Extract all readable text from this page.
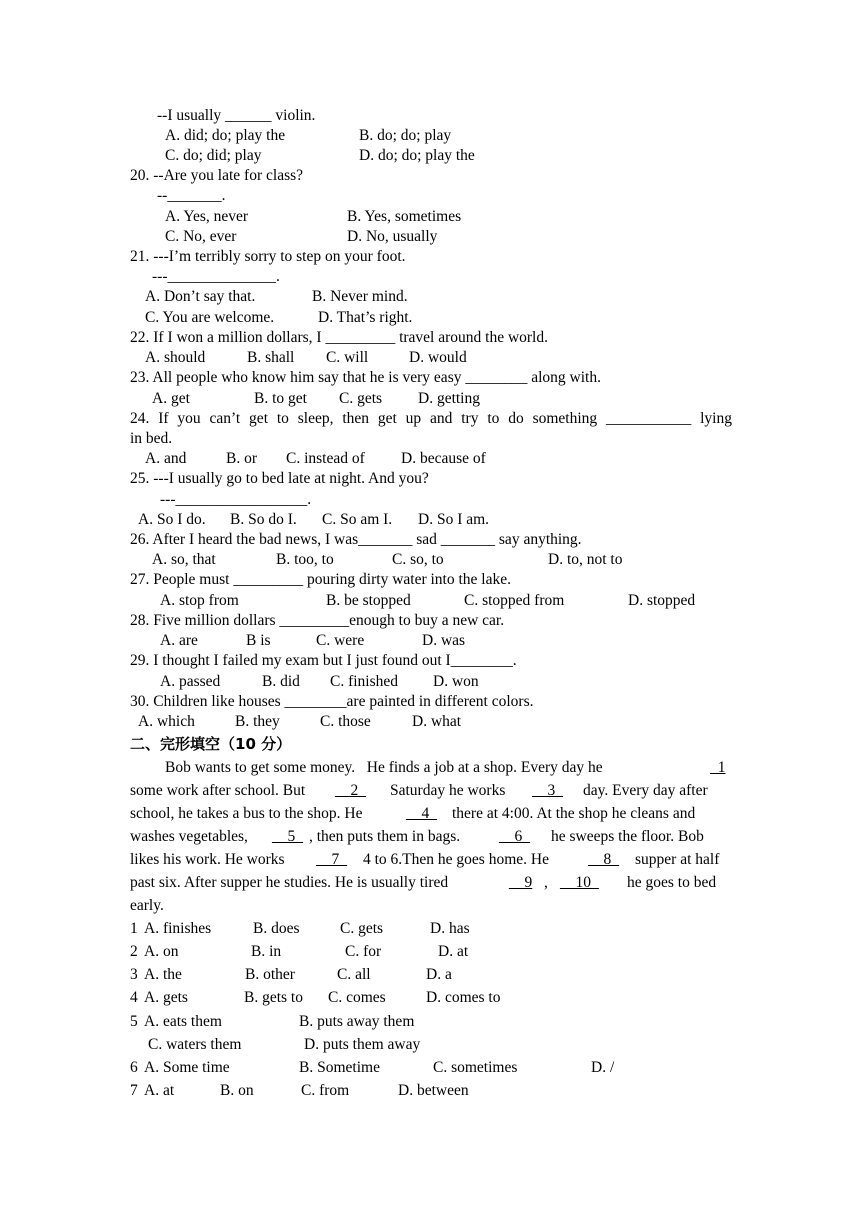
--I usually ______ violin.
A. did; do; play the	B. do; do; play
C. do; did; play	D. do; do; play the
20. --Are you late for class?
--_______.
A. Yes, never	B. Yes, sometimes
C. No, ever	D. No, usually
21. ---I’m terribly sorry to step on your foot.
---______________.
A. Don’t say that.	B. Never mind.
C. You are welcome.	D. That’s right.
22. If I won a million dollars, I _________ travel around the world.
A. should	B. shall C. will	D. would
23. All people who know him say that he is very easy ________ along with.
A. get	B. to get C. gets D. getting
24. If you can’t get to sleep, then get up and try to do something ___________ lying
in bed.
A. and	B. or C. instead of D. because of
25. ---I usually go to bed late at night. And you?
---_________________.
A. So I do. B. So do I. C. So am I. D. So I am.
26. After I heard the bad news, I was_______ sad _______ say anything.
A. so, that	B. too, to	C. so, to	D. to, not to
27. People must _________ pouring dirty water into the lake.
A. stop from	B. be stopped	C. stopped from	D. stopped
28. Five million dollars _________enough to buy a new car.
A. are	B is	C. were	D. was
29. I thought I failed my exam but I just found out I________.
A. passed	B. did C. finished D. won
30. Children like houses ________are painted in different colors.
A. which	B. they	C. those	D. what
二、完形填空（10 分）
Bob wants to get some money.   He finds a job at a shop. Every day he	1
some work after school. But __2 Saturday he works __3 day. Every day after
school, he takes a bus to the shop. He	__4_ there at 4:00. At the shop he cleans and
washes vegetables, __5_ , then puts them in bags.	__6_ he sweeps the floor. Bob
likes his work. He works __7_ 4 to 6.Then he goes home. He	__8_ supper at half
past six. After supper he studies. He is usually tired	__9 , __10_ he goes to bed
early.
1 A. finishes	B. does	C. gets	D. has
2 A. on	B. in	C. for	D. at
3 A. the	B. other	C. all	D. a
4 A. gets	B. gets to C. comes	D. comes to
5 A. eats them	B. puts away them
C. waters them	D. puts them away
6 A. Some time	B. Sometime	C. sometimes	D. /
7 A. at	B. on	C. from	D. between
